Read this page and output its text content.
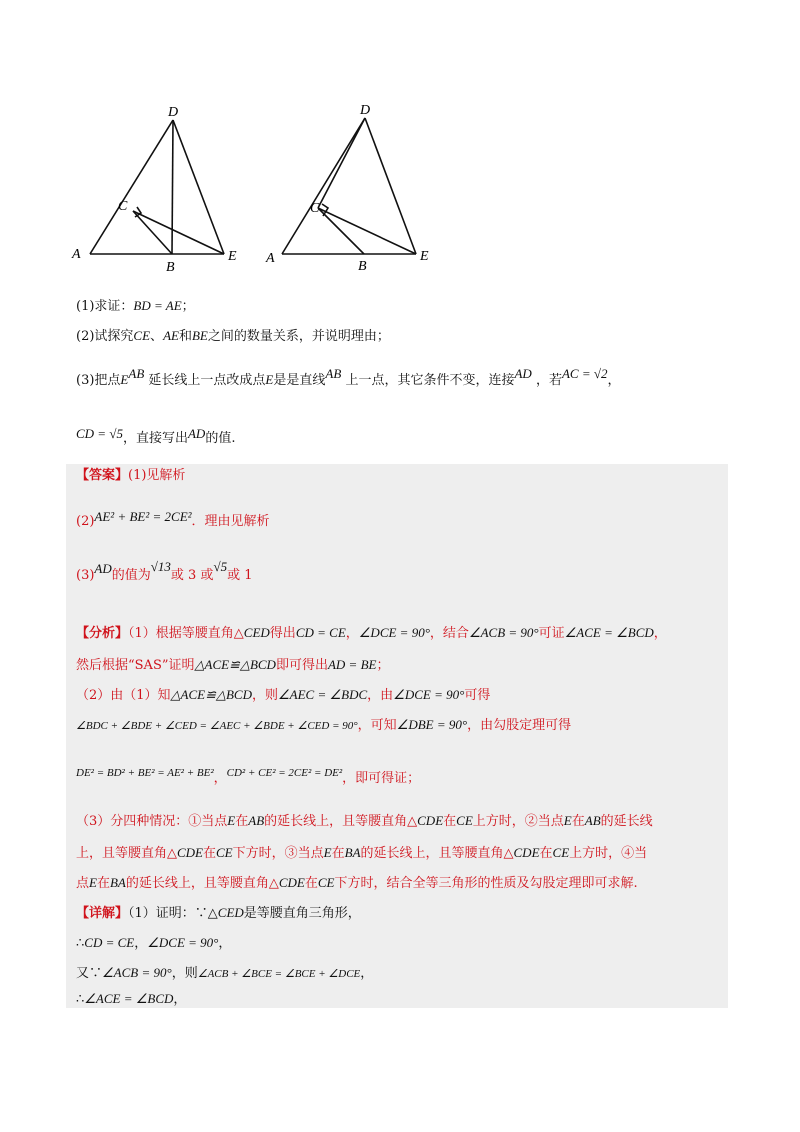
D
C
A
B
E
D
C
A
B
E
(1)求证：BD = AE；
(2)试探究CE、AE和BE之间的数量关系，并说明理由；
(3)把点EAB 延长线上一点改成点E是是直线AB 上一点，其它条件不变，连接AD ，若AC = √2，
CD = √5，直接写出AD的值.
【答案】(1)见解析
(2)AE² + BE² = 2CE²．理由见解析
(3)AD的值为√13或 3 或√5或 1
【分析】（1）根据等腰直角△CED得出CD = CE，∠DCE = 90°，结合∠ACB = 90°可证∠ACE = ∠BCD，
然后根据“SAS”证明△ACE≌△BCD即可得出AD = BE；
（2）由（1）知△ACE≌△BCD，则∠AEC = ∠BDC，由∠DCE = 90°可得
∠BDC + ∠BDE + ∠CED = ∠AEC + ∠BDE + ∠CED = 90°，可知∠DBE = 90°，由勾股定理可得
$^{DE^2 = BD^2 + BE^2 = AE^2 + BE^2}$，$^{CD^2 + CE^2 = 2CE^2 = DE^2}$，即可得证；
（3）分四种情况：①当点E在AB的延长线上，且等腰直角△CDE在CE上方时，②当点E在AB的延长线
上，且等腰直角△CDE在CE下方时，③当点E在BA的延长线上，且等腰直角△CDE在CE上方时，④当
点E在BA的延长线上，且等腰直角△CDE在CE下方时，结合全等三角形的性质及勾股定理即可求解.
【详解】（1）证明：∵△CED是等腰直角三角形，
∴CD = CE，∠DCE = 90°，
又∵∠ACB = 90°，则∠ACB + ∠BCE = ∠BCE + ∠DCE，
∴∠ACE = ∠BCD，
